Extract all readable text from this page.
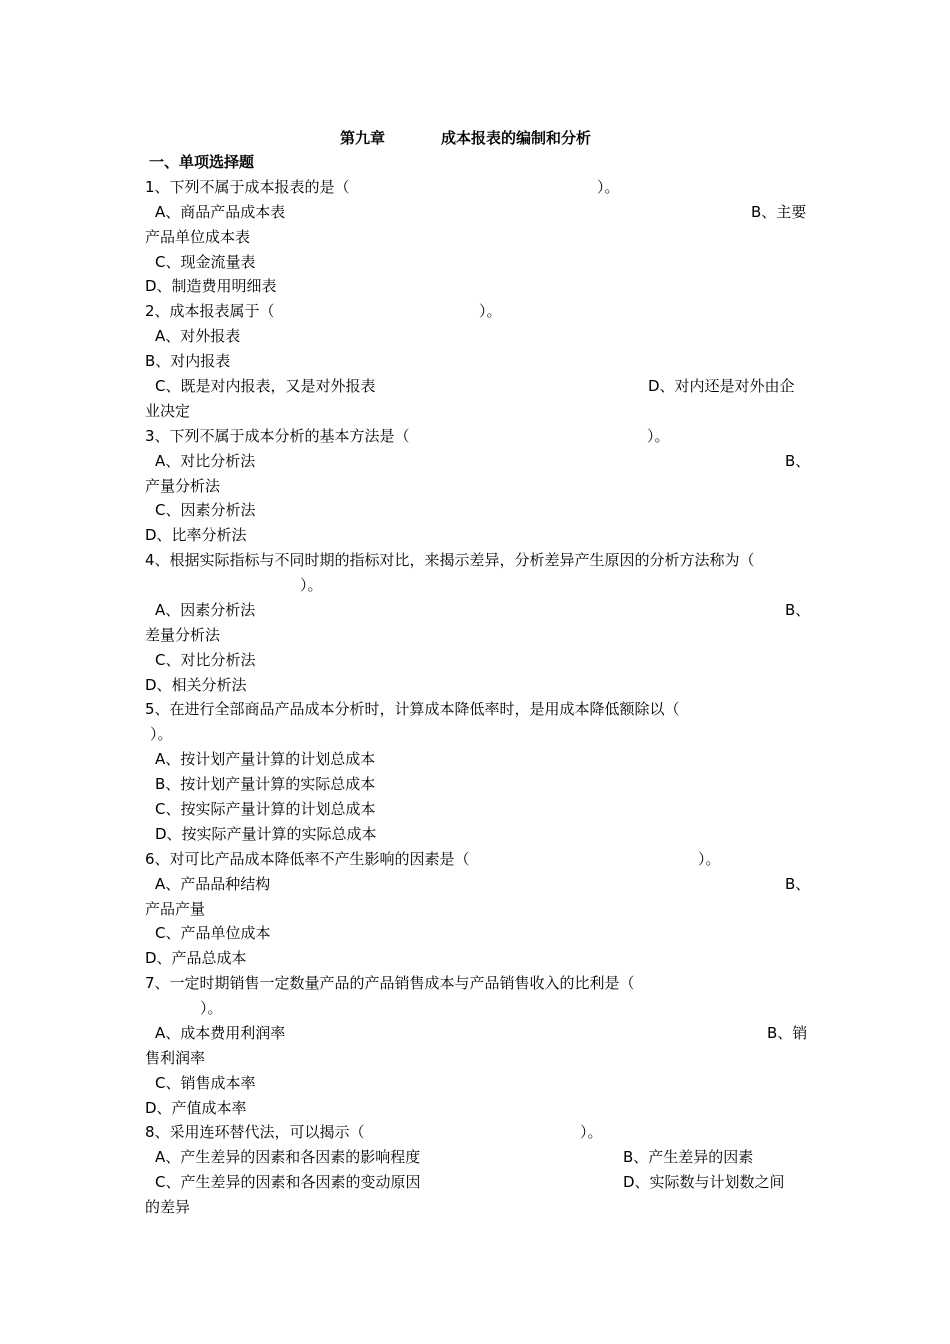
第九章	成本报表的编制和分析
一、单项选择题
1、下列不属于成本报表的是（	）。
A、商品产品成本表	B、主要
产品单位成本表
C、现金流量表
D、制造费用明细表
2、成本报表属于（	）。
A、对外报表
B、对内报表
C、既是对内报表，又是对外报表	D、对内还是对外由企
业决定
3、下列不属于成本分析的基本方法是（	）。
A、对比分析法	B、
产量分析法
C、因素分析法
D、比率分析法
4、根据实际指标与不同时期的指标对比，来揭示差异，分析差异产生原因的分析方法称为（
）。
A、因素分析法	B、
差量分析法
C、对比分析法
D、相关分析法
5、在进行全部商品产品成本分析时，计算成本降低率时，是用成本降低额除以（
）。
A、按计划产量计算的计划总成本
B、按计划产量计算的实际总成本
C、按实际产量计算的计划总成本
D、按实际产量计算的实际总成本
6、对可比产品成本降低率不产生影响的因素是（	）。
A、产品品种结构	B、
产品产量
C、产品单位成本
D、产品总成本
7、一定时期销售一定数量产品的产品销售成本与产品销售收入的比利是（
）。
A、成本费用利润率	B、销
售利润率
C、销售成本率
D、产值成本率
8、采用连环替代法，可以揭示（	）。
A、产生差异的因素和各因素的影响程度	B、产生差异的因素
C、产生差异的因素和各因素的变动原因	D、实际数与计划数之间
的差异
